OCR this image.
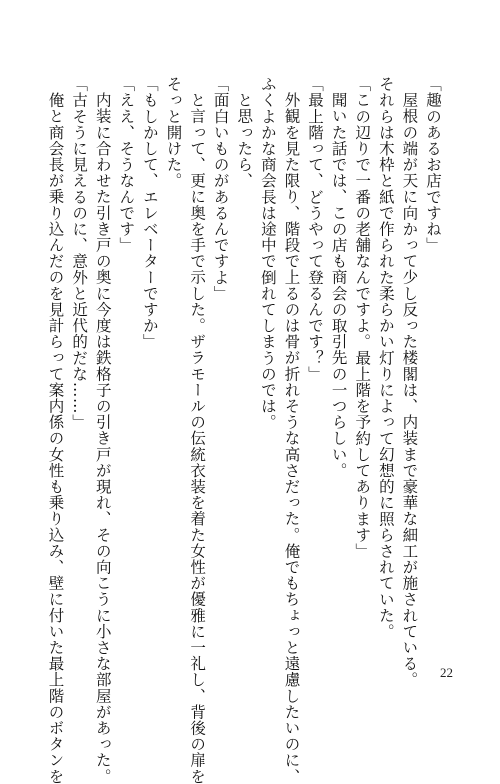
「趣のあるお店ですね」
屋根の端が天に向かって少し反った楼閣は、内装まで豪華な細工が施されている。
それらは木枠と紙で作られた柔らかい灯りによって幻想的に照らされていた。
「この辺りで一番の老舗なんですよ。最上階を予約してあります」
聞いた話では、この店も商会の取引先の一つらしい。
「最上階って、どうやって登るんです？」
外観を見た限り、階段で上るのは骨が折れそうな高さだった。俺でもちょっと遠慮したいのに、
ふくよかな商会長は途中で倒れてしまうのでは。
と思ったら、
「面白いものがあるんですよ」
と言って、更に奥を手で示した。ザラモールの伝統衣装を着た女性が優雅に一礼し、背後の扉を
そっと開けた。
「もしかして、エレベーターですか」
「ええ、そうなんです」
内装に合わせた引き戸の奥に今度は鉄格子の引き戸が現れ、その向こうに小さな部屋があった。
「古そうに見えるのに、意外と近代的だな……」
俺と商会長が乗り込んだのを見計らって案内係の女性も乗り込み、壁に付いた最上階のボタンを	22
